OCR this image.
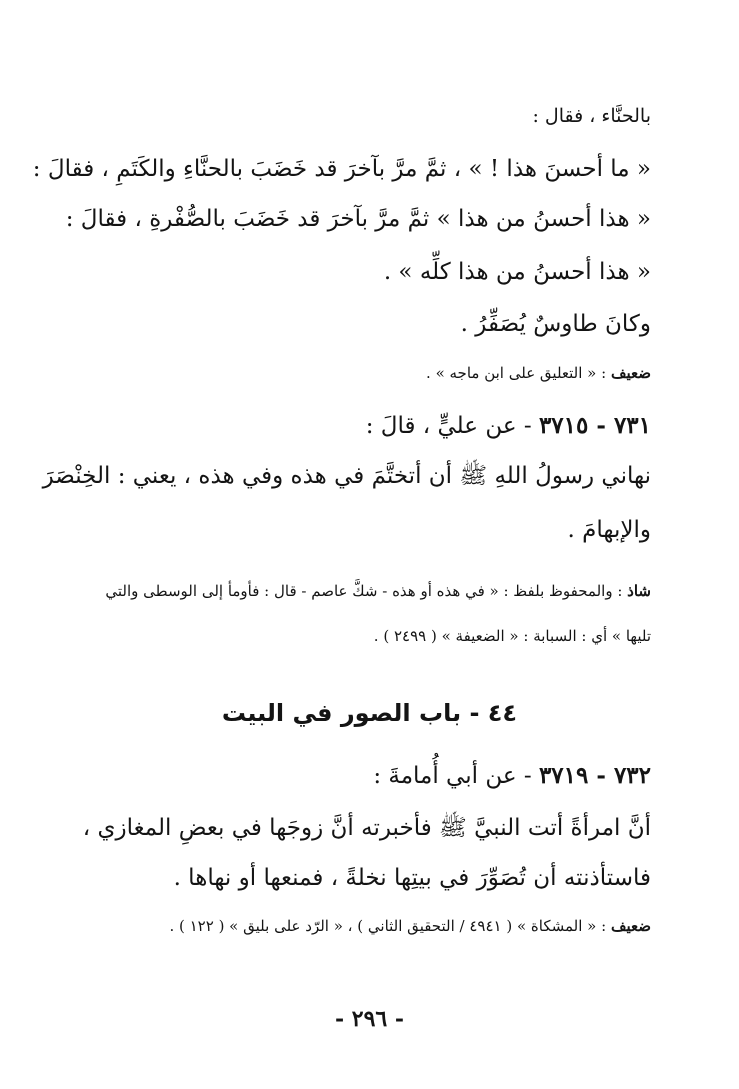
بالحنَّاء ، فقال :
« ما أحسنَ هذا ! » ، ثمَّ مرَّ بآخرَ قد خَضَبَ بالحنَّاءِ والكَتَمِ ، فقالَ :
« هذا أحسنُ من هذا » ثمَّ مرَّ بآخرَ قد خَضَبَ بالصُّفْرةِ ، فقالَ :
« هذا أحسنُ من هذا كلِّه » .
وكانَ طاوسٌ يُصَفِّرُ .
ضعيف : « التعليق على ابن ماجه » .
٧٣١ - ٣٧١٥ - عن عليٍّ ، قالَ :
نهاني رسولُ اللهِ ﷺ أن أتختَّمَ في هذه وفي هذه ، يعني : الخِنْصَرَ
والإبهامَ .
شاذ : والمحفوظ بلفظ : « في هذه أو هذه - شكَّ عاصم - قال : فأومأ إلى الوسطى والتي
تليها » أي : السبابة : « الضعيفة » ( ٢٤٩٩ ) .
٤٤ - باب الصور في البيت
٧٣٢ - ٣٧١٩ - عن أبي أُمامةَ :
أنَّ امرأةً أتت النبيَّ ﷺ فأخبرته أنَّ زوجَها في بعضِ المغازي ،
فاستأذنته أن تُصَوِّرَ في بيتِها نخلةً ، فمنعها أو نهاها .
ضعيف : « المشكاة » ( ٤٩٤١ / التحقيق الثاني ) ، « الرّد على بليق » ( ١٢٢ ) .
- ٢٩٦ -
